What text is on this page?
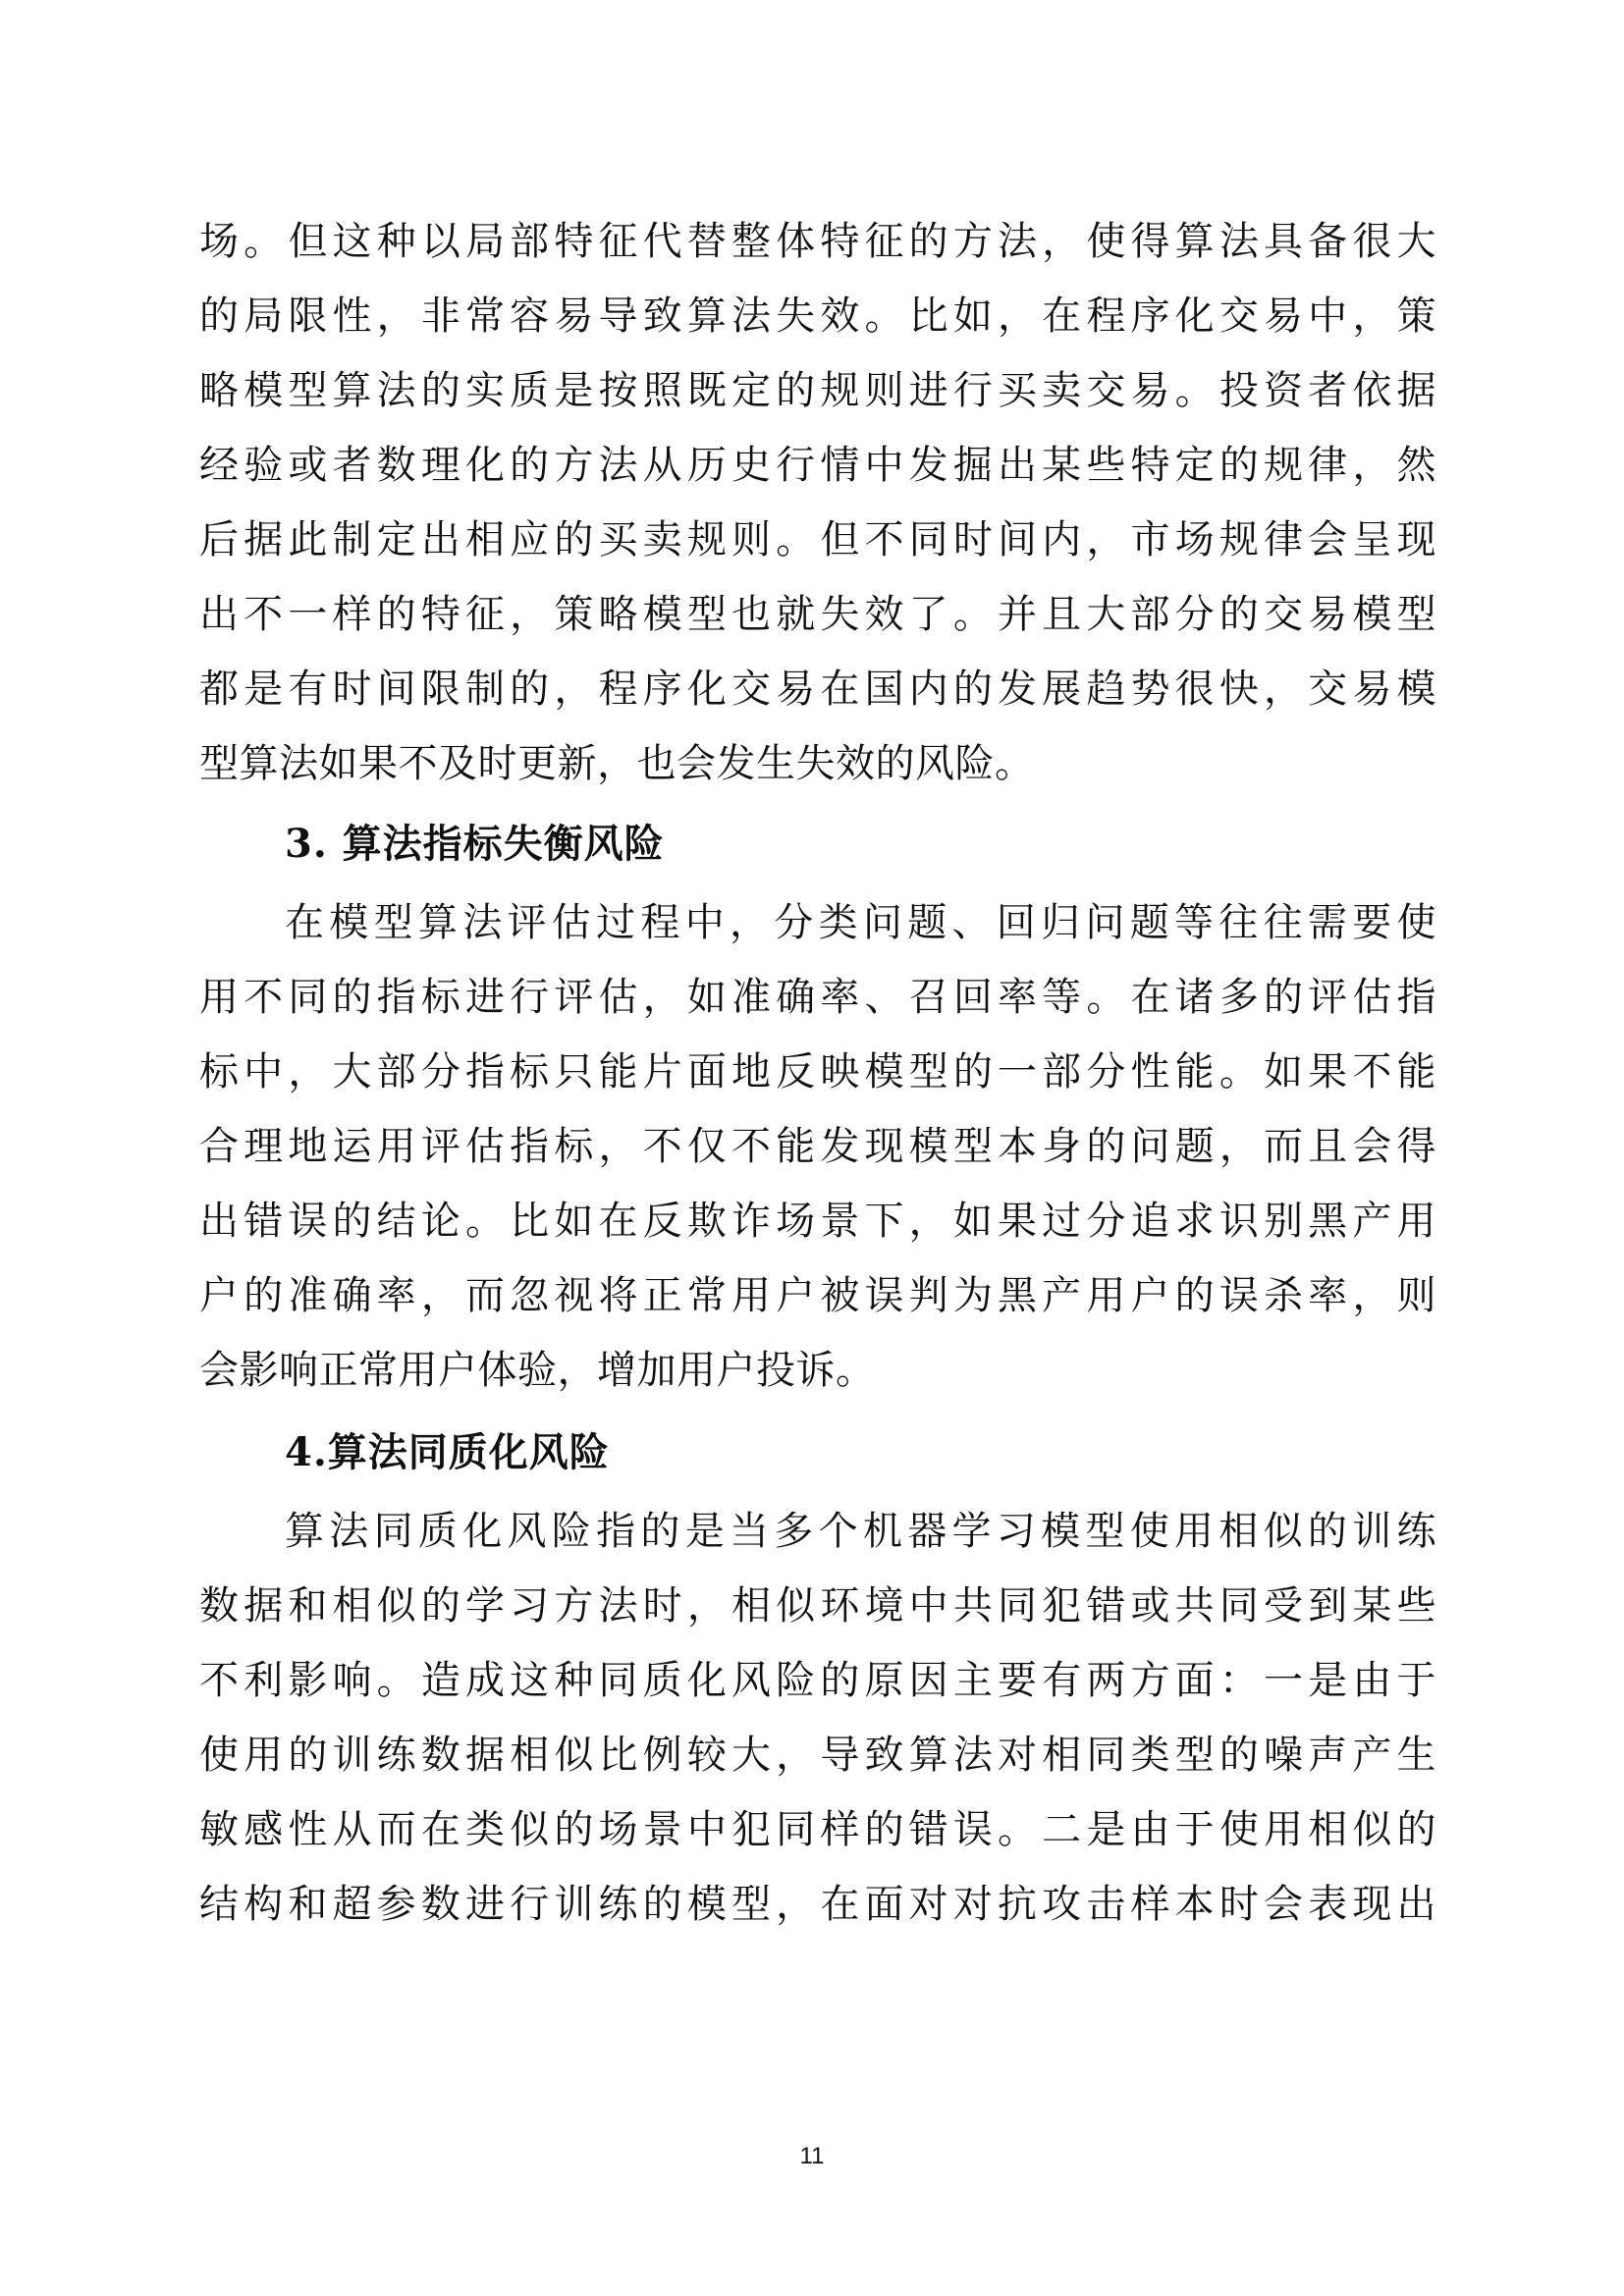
场。但这种以局部特征代替整体特征的方法，使得算法具备很大
的局限性，非常容易导致算法失效。比如，在程序化交易中，策
略模型算法的实质是按照既定的规则进行买卖交易。投资者依据
经验或者数理化的方法从历史行情中发掘出某些特定的规律，然
后据此制定出相应的买卖规则。但不同时间内，市场规律会呈现
出不一样的特征，策略模型也就失效了。并且大部分的交易模型
都是有时间限制的，程序化交易在国内的发展趋势很快，交易模
型算法如果不及时更新，也会发生失效的风险。
3. 算法指标失衡风险
在模型算法评估过程中，分类问题、回归问题等往往需要使
用不同的指标进行评估，如准确率、召回率等。在诸多的评估指
标中，大部分指标只能片面地反映模型的一部分性能。如果不能
合理地运用评估指标，不仅不能发现模型本身的问题，而且会得
出错误的结论。比如在反欺诈场景下，如果过分追求识别黑产用
户的准确率，而忽视将正常用户被误判为黑产用户的误杀率，则
会影响正常用户体验，增加用户投诉。
4.算法同质化风险
算法同质化风险指的是当多个机器学习模型使用相似的训练
数据和相似的学习方法时，相似环境中共同犯错或共同受到某些
不利影响。造成这种同质化风险的原因主要有两方面：一是由于
使用的训练数据相似比例较大，导致算法对相同类型的噪声产生
敏感性从而在类似的场景中犯同样的错误。二是由于使用相似的
结构和超参数进行训练的模型，在面对对抗攻击样本时会表现出
11
